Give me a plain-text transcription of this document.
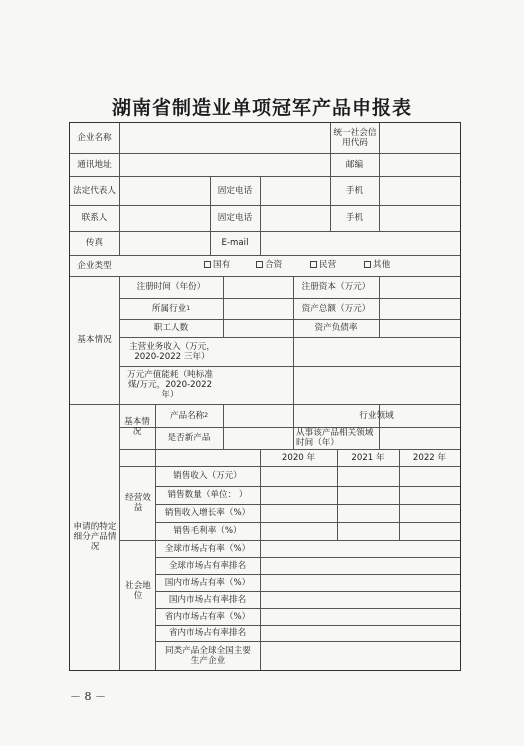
湖南省制造业单项冠军产品申报表
企业名称	统一社会信用代码
通讯地址	邮编
法定代表人	固定电话	手机
联系人	固定电话	手机
传真	E-mail
企业类型	国有	合资	民营	其他
基本情况
注册时间（年份）	注册资本（万元）
所属行业 1	资产总额（万元）
职工人数	资产负债率
主营业务收入（万元，2020-2022 三年）
万元产值能耗（吨标准煤/万元，2020-2022 年）
申请的特定细分产品情况
基本情况
产品名称 2	行业领域
是否新产品	从事该产品相关领域时间（年）
2020 年	2021 年	2022 年
经营效益
销售收入（万元）
销售数量（单位： ）
销售收入增长率（%）
销售毛利率（%）
社会地位
全球市场占有率（%）
全球市场占有率排名
国内市场占有率（%）
国内市场占有率排名
省内市场占有率（%）
省内市场占有率排名
同类产品全球全国主要生产企业
－ 8 －
